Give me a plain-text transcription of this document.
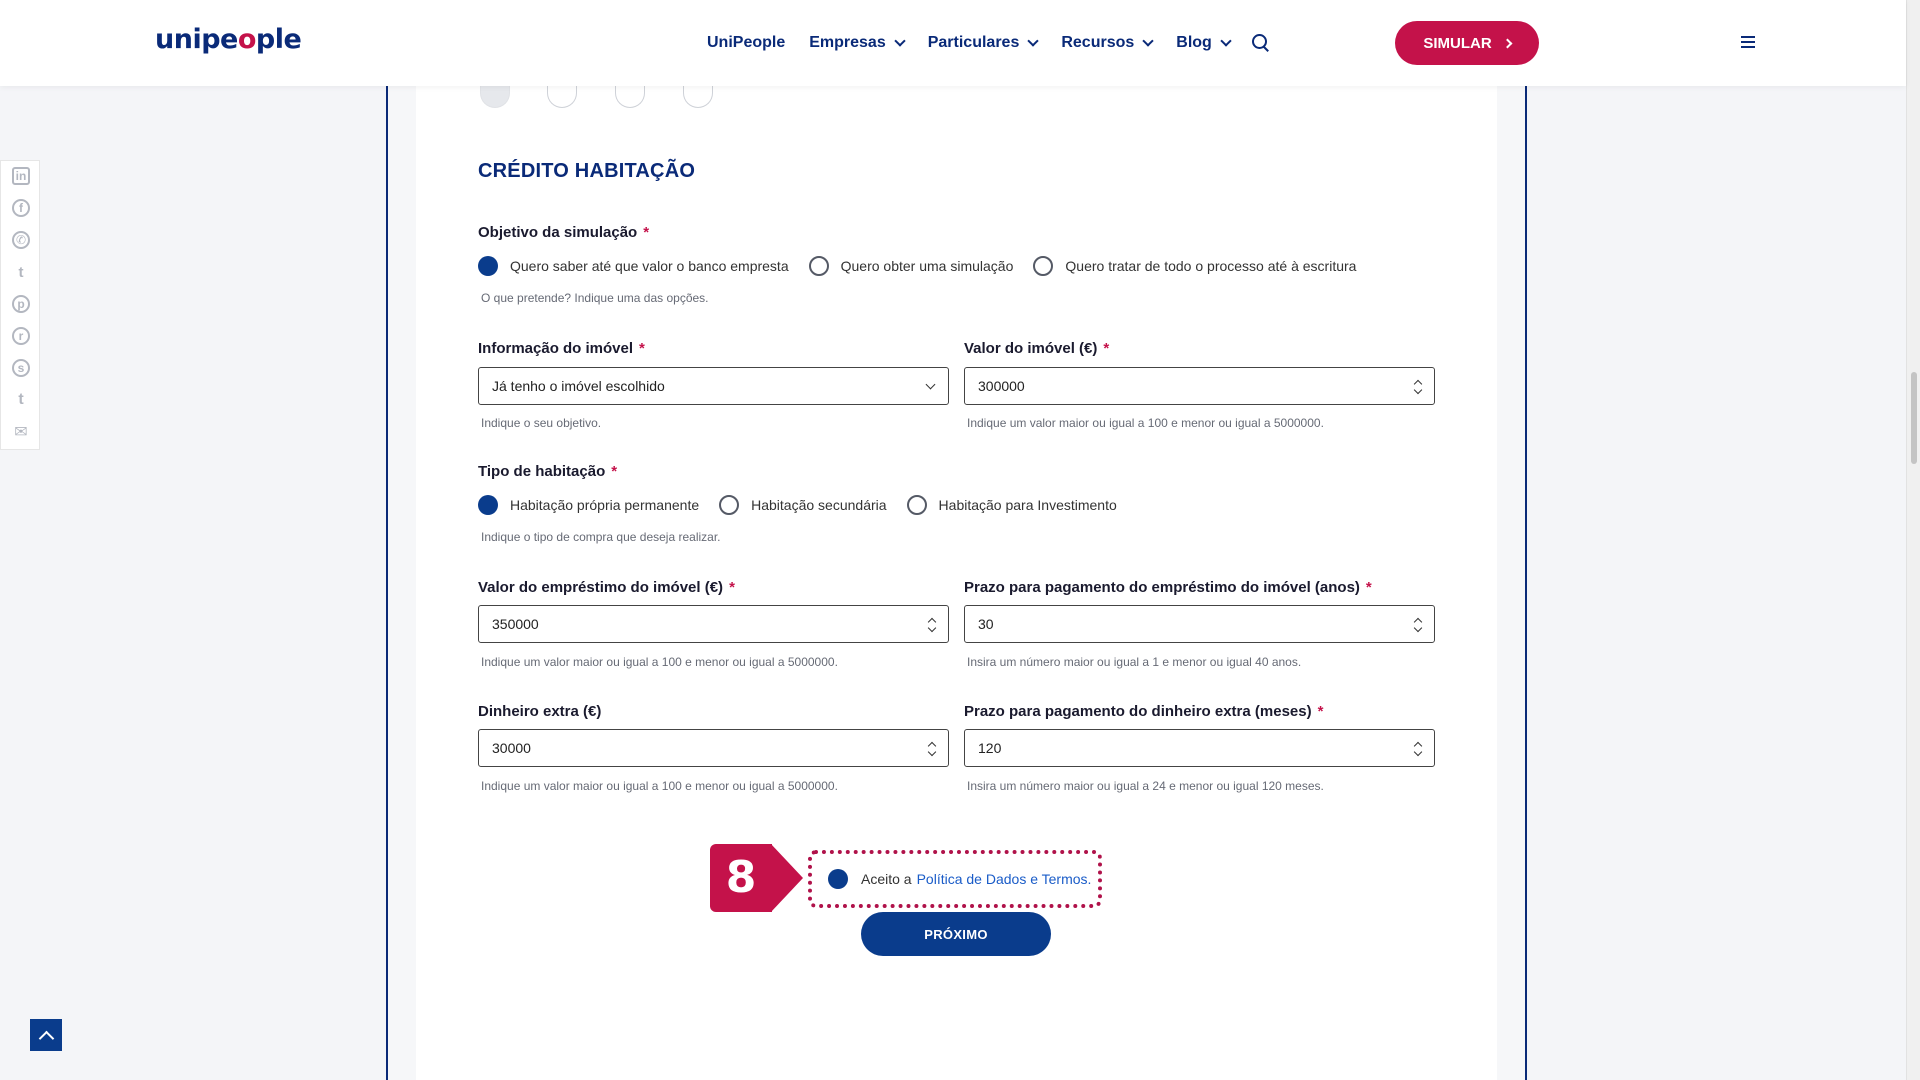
unipeople	UniPeople Empresas	Particulares	Recursos	Blog	SIMULAR
in
f
✆
t
p
r
s
t
✉
CRÉDITO HABITAÇÃO
Objetivo da simulação *
Quero saber até que valor o banco empresta	Quero obter uma simulação	Quero tratar de todo o processo até à escritura
O que pretende? Indique uma das opções.
Informação do imóvel *
Já tenho o imóvel escolhido
Indique o seu objetivo.
Valor do imóvel (€) *
300000
Indique um valor maior ou igual a 100 e menor ou igual a 5000000.
Tipo de habitação *
Habitação própria permanente	Habitação secundária	Habitação para Investimento
Indique o tipo de compra que deseja realizar.
Valor do empréstimo do imóvel (€) *
350000
Indique um valor maior ou igual a 100 e menor ou igual a 5000000.
Prazo para pagamento do empréstimo do imóvel (anos) *
30
Insira um número maior ou igual a 1 e menor ou igual 40 anos.
Dinheiro extra (€)
30000
Indique um valor maior ou igual a 100 e menor ou igual a 5000000.
Prazo para pagamento do dinheiro extra (meses) *
120
Insira um número maior ou igual a 24 e menor ou igual 120 meses.
8	Aceito a Política de Dados e Termos.
PRÓXIMO
